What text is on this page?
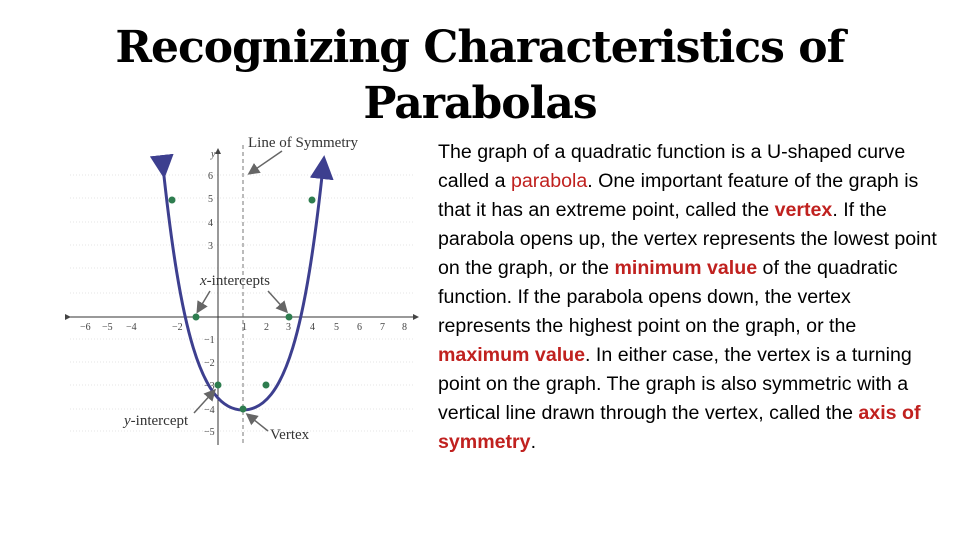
Recognizing Characteristics of
Parabolas
−6 −5 −4	−2	1 2 3 4 5 6 7 8
y
6
5
4
3
−1
−2
−3
−4
−5
Line of Symmetry
x-intercepts
y-intercept
Vertex
The graph of a quadratic function is a U-shaped curve called a parabola. One important feature of the graph is that it has an extreme point, called the vertex. If the parabola opens up, the vertex represents the lowest point on the graph, or the minimum value of the quadratic function. If the parabola opens down, the vertex represents the highest point on the graph, or the maximum value. In either case, the vertex is a turning point on the graph. The graph is also symmetric with a vertical line drawn through the vertex, called the axis of symmetry.
